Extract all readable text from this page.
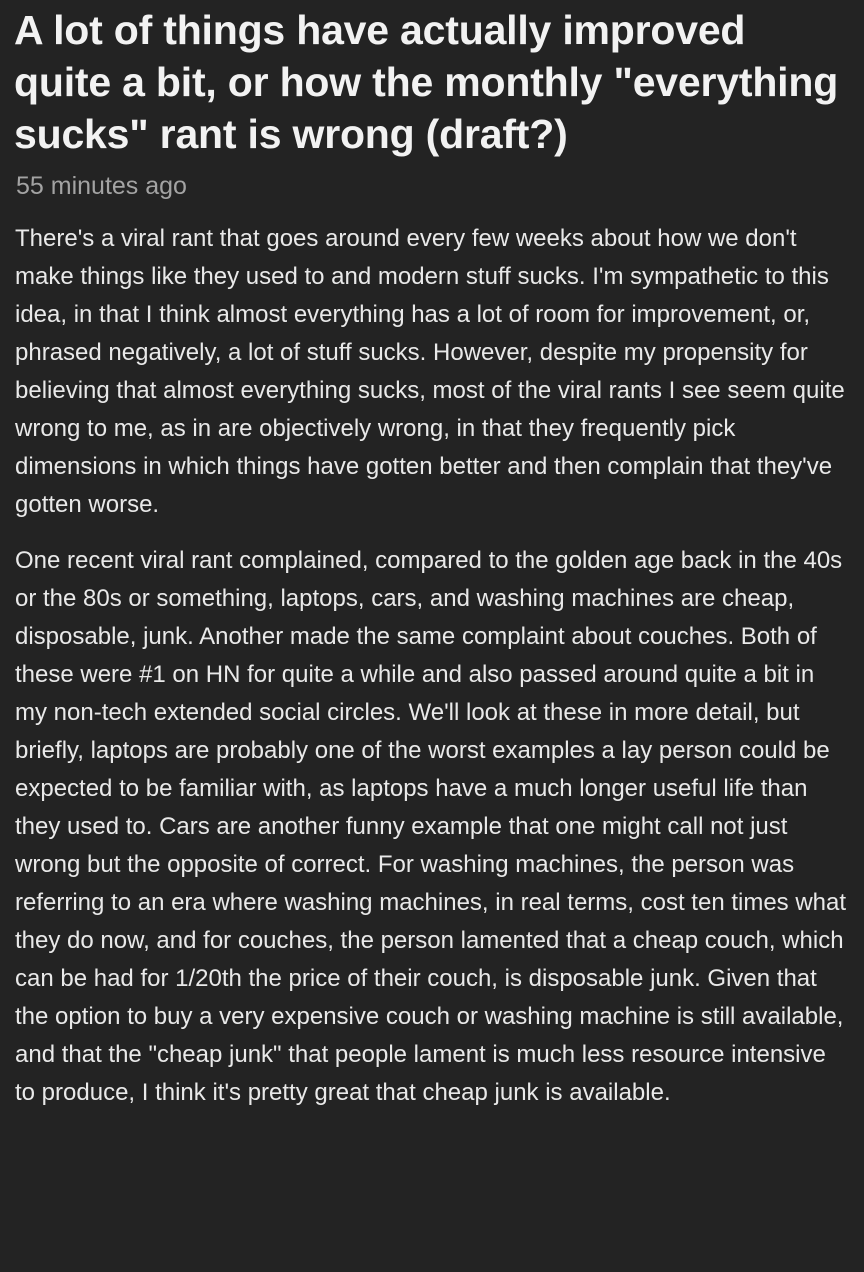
A lot of things have actually improved quite a bit, or how the monthly "everything sucks" rant is wrong (draft?)
55 minutes ago

There's a viral rant that goes around every few weeks about how we don't make things like they used to and modern stuff sucks. I'm sympathetic to this idea, in that I think almost everything has a lot of room for improvement, or, phrased negatively, a lot of stuff sucks. However, despite my propensity for believing that almost everything sucks, most of the viral rants I see seem quite wrong to me, as in are objectively wrong, in that they frequently pick dimensions in which things have gotten better and then complain that they've gotten worse.

One recent viral rant complained, compared to the golden age back in the 40s or the 80s or something, laptops, cars, and washing machines are cheap, disposable, junk. Another made the same complaint about couches. Both of these were #1 on HN for quite a while and also passed around quite a bit in my non-tech extended social circles. We'll look at these in more detail, but briefly, laptops are probably one of the worst examples a lay person could be expected to be familiar with, as laptops have a much longer useful life than they used to. Cars are another funny example that one might call not just wrong but the opposite of correct. For washing machines, the person was referring to an era where washing machines, in real terms, cost ten times what they do now, and for couches, the person lamented that a cheap couch, which can be had for 1/20th the price of their couch, is disposable junk. Given that the option to buy a very expensive couch or washing machine is still available, and that the "cheap junk" that people lament is much less resource intensive to produce, I think it's pretty great that cheap junk is available.
